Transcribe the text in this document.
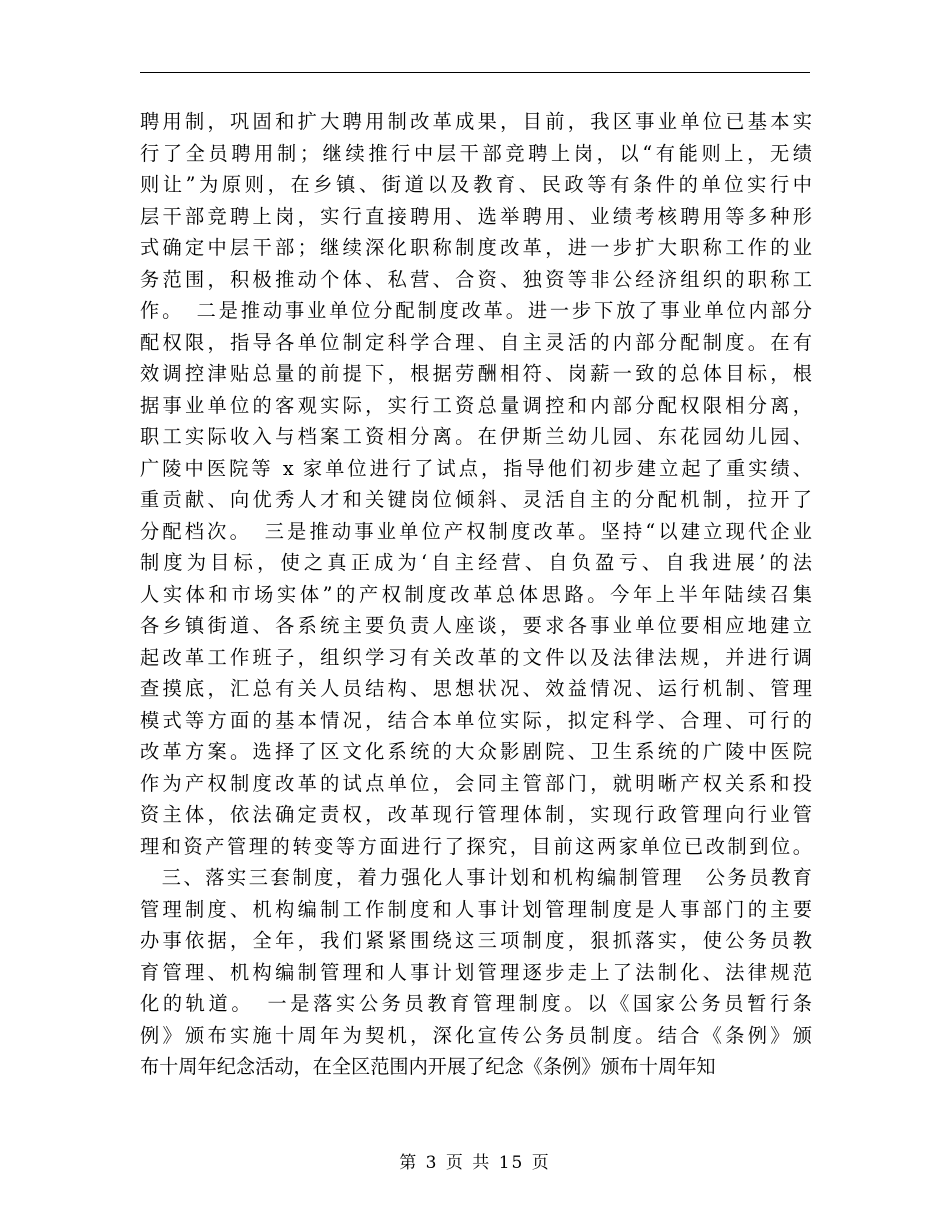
聘用制，巩固和扩大聘用制改革成果，目前，我区事业单位已基本实
行了全员聘用制；继续推行中层干部竞聘上岗，以“有能则上，无绩
则让”为原则，在乡镇、街道以及教育、民政等有条件的单位实行中
层干部竞聘上岗，实行直接聘用、选举聘用、业绩考核聘用等多种形
式确定中层干部；继续深化职称制度改革，进一步扩大职称工作的业
务范围，积极推动个体、私营、合资、独资等非公经济组织的职称工
作。　二是推动事业单位分配制度改革。进一步下放了事业单位内部分
配权限，指导各单位制定科学合理、自主灵活的内部分配制度。在有
效调控津贴总量的前提下，根据劳酬相符、岗薪一致的总体目标，根
据事业单位的客观实际，实行工资总量调控和内部分配权限相分离，
职工实际收入与档案工资相分离。在伊斯兰幼儿园、东花园幼儿园、
广陵中医院等 x 家单位进行了试点，指导他们初步建立起了重实绩、
重贡献、向优秀人才和关键岗位倾斜、灵活自主的分配机制，拉开了
分配档次。　三是推动事业单位产权制度改革。坚持“以建立现代企业
制度为目标，使之真正成为‘自主经营、自负盈亏、自我进展’的法
人实体和市场实体”的产权制度改革总体思路。今年上半年陆续召集
各乡镇街道、各系统主要负责人座谈，要求各事业单位要相应地建立
起改革工作班子，组织学习有关改革的文件以及法律法规，并进行调
查摸底，汇总有关人员结构、思想状况、效益情况、运行机制、管理
模式等方面的基本情况，结合本单位实际，拟定科学、合理、可行的
改革方案。选择了区文化系统的大众影剧院、卫生系统的广陵中医院
作为产权制度改革的试点单位，会同主管部门，就明晰产权关系和投
资主体，依法确定责权，改革现行管理体制，实现行政管理向行业管
理和资产管理的转变等方面进行了探究，目前这两家单位已改制到位。
　三、落实三套制度，着力强化人事计划和机构编制管理　公务员教育
管理制度、机构编制工作制度和人事计划管理制度是人事部门的主要
办事依据，全年，我们紧紧围绕这三项制度，狠抓落实，使公务员教
育管理、机构编制管理和人事计划管理逐步走上了法制化、法律规范
化的轨道。　一是落实公务员教育管理制度。以《国家公务员暂行条
例》颁布实施十周年为契机，深化宣传公务员制度。结合《条例》颁
布十周年纪念活动，在全区范围内开展了纪念《条例》颁布十周年知
第 3 页 共 15 页
